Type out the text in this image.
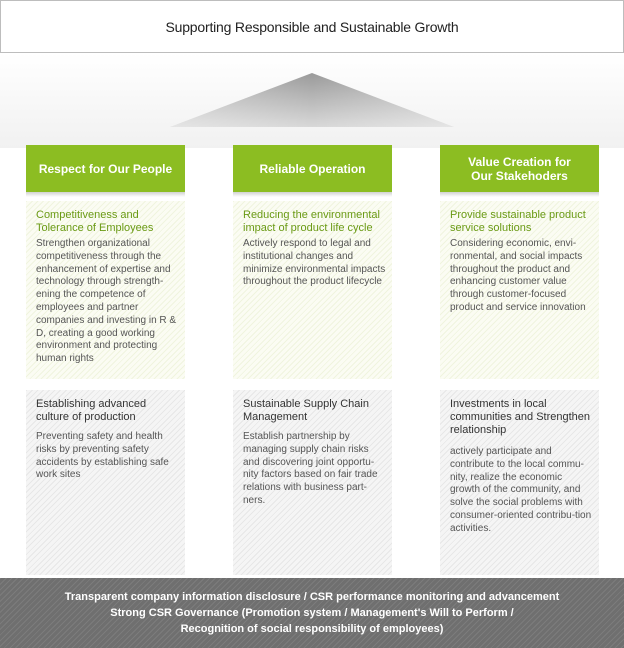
Supporting Responsible and Sustainable Growth
Respect for Our People
Competitiveness and Tolerance of Employees
Strengthen organizational competitiveness through the enhancement of expertise and technology through strength-ening the competence of employees and partner companies and investing in R & D, creating a good working environment and protecting human rights
Establishing advanced culture of production
Preventing safety and health risks by preventing safety accidents by establishing safe work sites
Reliable Operation
Reducing the environmental impact of product life cycle
Actively respond to legal and institutional changes and minimize environmental impacts throughout the product lifecycle
Sustainable Supply Chain Management
Establish partnership by managing supply chain risks and discovering joint opportu-nity factors based on fair trade relations with business part-ners.
Value Creation for Our Stakehoders
Provide sustainable product service solutions
Considering economic, envi-ronmental, and social impacts throughout the product and enhancing customer value through customer-focused product and service innovation
Investments in local communities and Strengthen relationship
actively participate and contribute to the local commu-nity, realize the economic growth of the community, and solve the social problems with consumer-oriented contribu-tion activities.
Transparent company information disclosure / CSR performance monitoring and advancement
Strong CSR Governance (Promotion system / Management's Will to Perform /
Recognition of social responsibility of employees)
